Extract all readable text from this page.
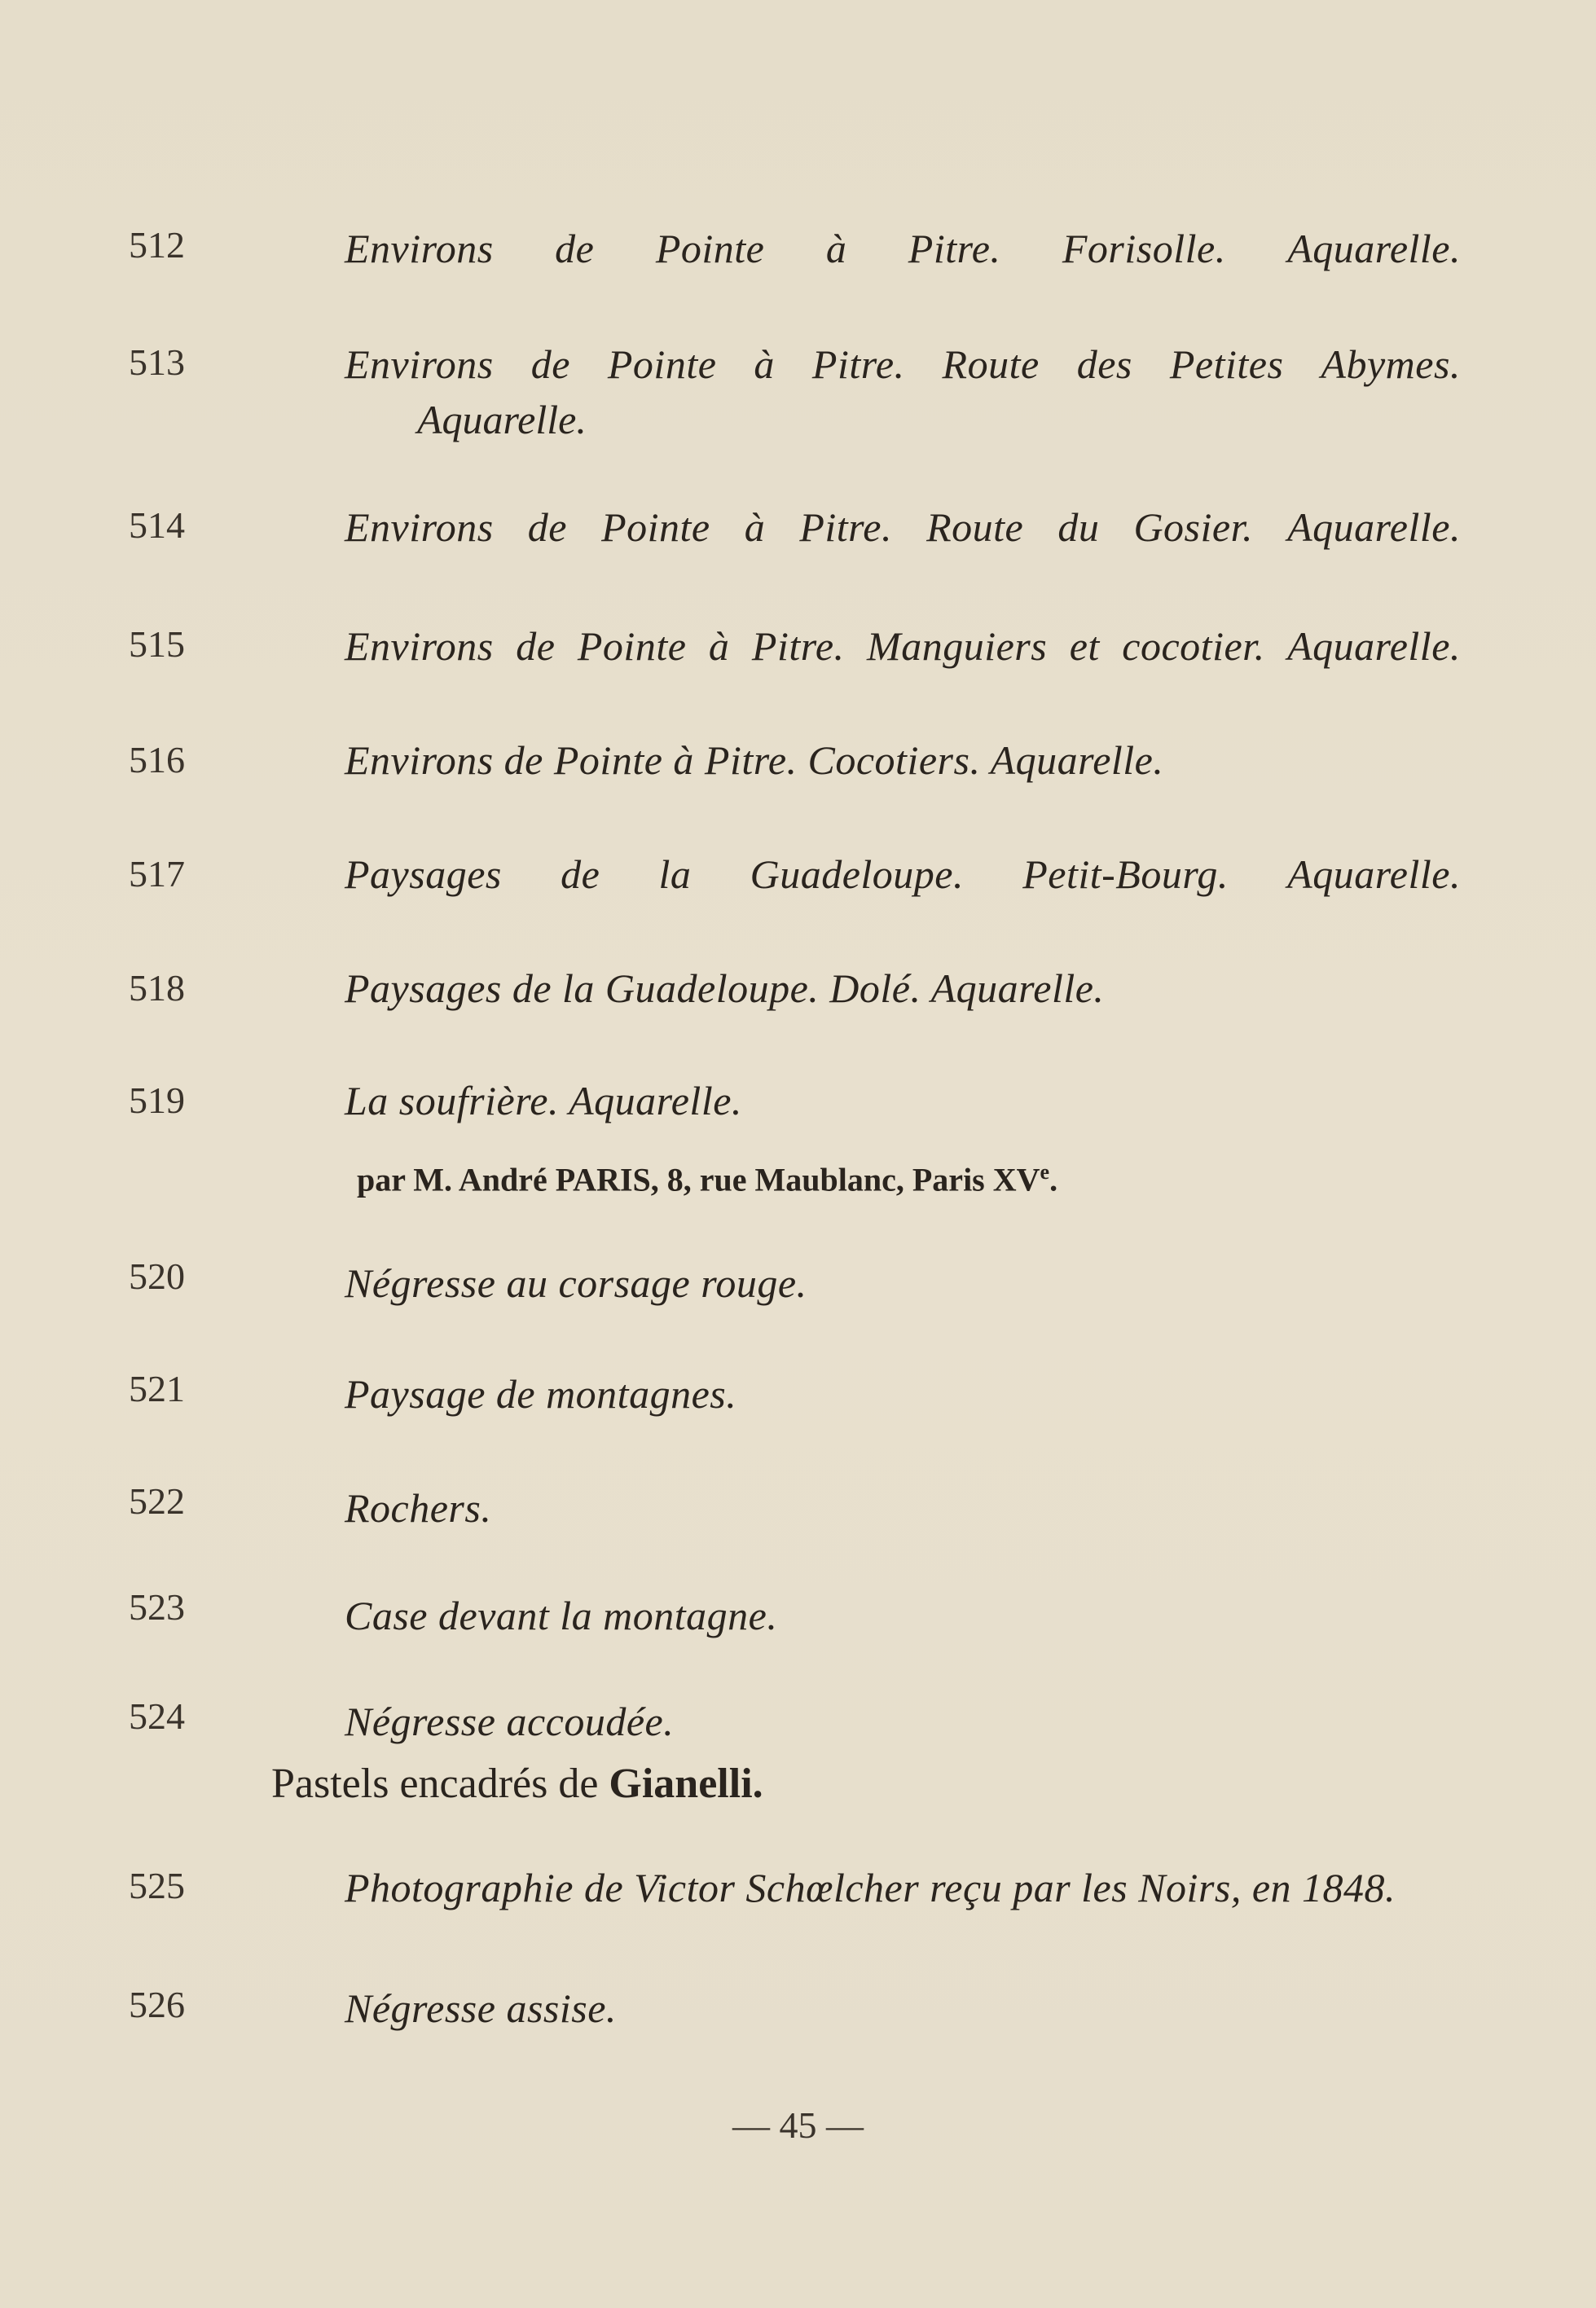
512	Environs de Pointe à Pitre. Forisolle. Aquarelle.
513	Environs de Pointe à Pitre. Route des Petites Abymes.
Aquarelle.
514	Environs de Pointe à Pitre. Route du Gosier. Aquarelle.
515	Environs de Pointe à Pitre. Manguiers et cocotier. Aquarelle.
516	Environs de Pointe à Pitre. Cocotiers. Aquarelle.
517	Paysages de la Guadeloupe. Petit-Bourg. Aquarelle.
518	Paysages de la Guadeloupe. Dolé. Aquarelle.
519	La soufrière. Aquarelle.
par M. André PARIS, 8, rue Maublanc, Paris XVe.
520	Négresse au corsage rouge.
521	Paysage de montagnes.
522	Rochers.
523	Case devant la montagne.
524	Négresse accoudée.
Pastels encadrés de Gianelli.
525	Photographie de Victor Schœlcher reçu par les Noirs, en 1848.
526	Négresse assise.
— 45 —
